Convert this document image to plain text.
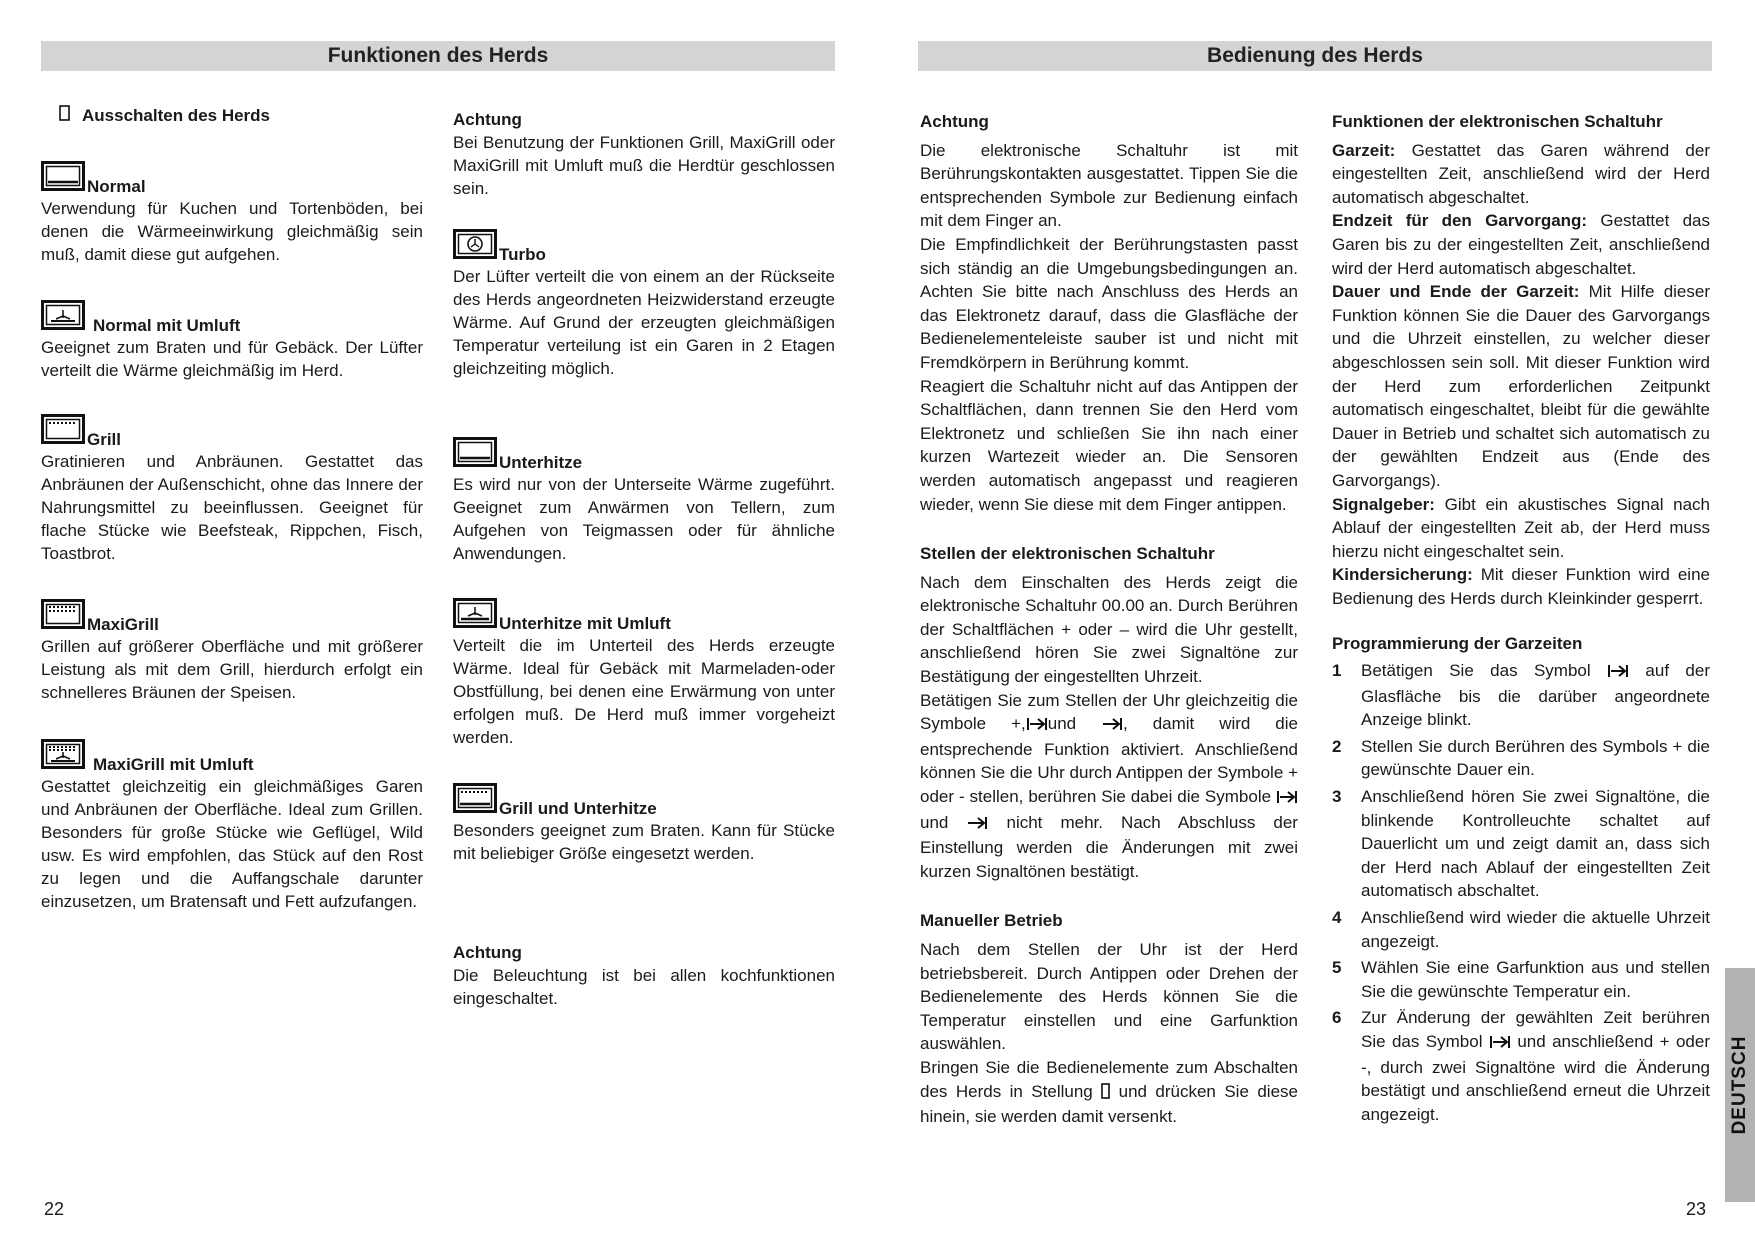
Funktionen des Herds
Ausschalten des Herds
Normal

Verwendung für Kuchen und Tortenböden, bei denen die Wärmeeinwirkung gleichmäßig sein muß, damit diese gut aufgehen.

Normal mit Umluft

Geeignet zum Braten und für Gebäck. Der Lüfter verteilt die Wärme gleichmäßig im Herd.

Grill

Gratinieren und Anbräunen. Gestattet das Anbräunen der Außenschicht, ohne das Innere der Nahrungsmittel zu beeinflussen. Geeignet für flache Stücke wie Beefsteak, Rippchen, Fisch, Toastbrot.

MaxiGrill

Grillen auf größerer Oberfläche und mit größerer Leistung als mit dem Grill, hierdurch erfolgt ein schnelleres Bräunen der Speisen.

MaxiGrill mit Umluft

Gestattet gleichzeitig ein gleichmäßiges Garen und Anbräunen der Oberfläche. Ideal zum Grillen. Besonders für große Stücke wie Geflügel, Wild usw. Es wird empfohlen, das Stück auf den Rost zu legen und die Auffangschale darunter einzusetzen, um Bratensaft und Fett aufzufangen.

Achtung

Bei Benutzung der Funktionen Grill, MaxiGrill oder MaxiGrill mit Umluft muß die Herdtür geschlossen sein.

Turbo

Der Lüfter verteilt die von einem an der Rückseite des Herds angeordneten Heizwiderstand erzeugte Wärme. Auf Grund der erzeugten gleichmäßigen Temperatur verteilung ist ein Garen in 2 Etagen gleichzeiting möglich.

Unterhitze

Es wird nur von der Unterseite Wärme zugeführt. Geeignet zum Anwärmen von Tellern, zum Aufgehen von Teigmassen oder für ähnliche Anwendungen.

Unterhitze mit Umluft

Verteilt die im Unterteil des Herds erzeugte Wärme. Ideal für Gebäck mit Marmeladen-oder Obstfüllung, bei denen eine Erwärmung von unter erfolgen muß. De Herd muß immer vorgeheizt werden.

Grill und Unterhitze

Besonders geeignet zum Braten. Kann für Stücke mit beliebiger Größe eingesetzt werden.

Achtung

Die Beleuchtung ist bei allen kochfunktionen eingeschaltet.

22
Bedienung des Herds
Achtung

Die elektronische Schaltuhr ist mit Berührungskontakten ausgestattet. Tippen Sie die entsprechenden Symbole zur Bedienung einfach mit dem Finger an.

Die Empfindlichkeit der Berührungstasten passt sich ständig an die Umgebungsbedingungen an. Achten Sie bitte nach Anschluss des Herds an das Elektronetz darauf, dass die Glasfläche der Bedienelementeleiste sauber ist und nicht mit Fremdkörpern in Berührung kommt.

Reagiert die Schaltuhr nicht auf das Antippen der Schaltflächen, dann trennen Sie den Herd vom Elektronetz und schließen Sie ihn nach einer kurzen Wartezeit wieder an. Die Sensoren werden automatisch angepasst und reagieren wieder, wenn Sie diese mit dem Finger antippen.

Stellen der elektronischen Schaltuhr

Nach dem Einschalten des Herds zeigt die elektronische Schaltuhr 00.00 an. Durch Berühren der Schaltflächen + oder – wird die Uhr gestellt, anschließend hören Sie zwei Signaltöne zur Bestätigung der eingestellten Uhrzeit.

Betätigen Sie zum Stellen der Uhr gleichzeitig die Symbole +, und	, damit wird die entsprechende Funktion aktiviert. Anschließend können Sie die Uhr durch Antippen der Symbole + oder - stellen, berühren Sie dabei die Symbole  und	nicht mehr. Nach Abschluss der Einstellung werden die Änderungen mit zwei kurzen Signaltönen bestätigt.

Manueller Betrieb

Nach dem Stellen der Uhr ist der Herd betriebsbereit. Durch Antippen oder Drehen der Bedienelemente des Herds können Sie die Temperatur einstellen und eine Garfunktion auswählen.

Bringen Sie die Bedienelemente zum Abschalten des Herds in Stellung und drücken Sie diese hinein, sie werden damit versenkt.

Funktionen der elektronischen Schaltuhr

Garzeit: Gestattet das Garen während der eingestellten Zeit, anschließend wird der Herd automatisch abgeschaltet.

Endzeit für den Garvorgang: Gestattet das Garen bis zu der eingestellten Zeit, anschließend wird der Herd automatisch abgeschaltet.

Dauer und Ende der Garzeit: Mit Hilfe dieser Funktion können Sie die Dauer des Garvorgangs und die Uhrzeit einstellen, zu welcher dieser abgeschlossen sein soll. Mit dieser Funktion wird der Herd zum erforderlichen Zeitpunkt automatisch eingeschaltet, bleibt für die gewählte Dauer in Betrieb und schaltet sich automatisch zu der gewählten Endzeit aus (Ende des Garvorgangs).

Signalgeber: Gibt ein akustisches Signal nach Ablauf der eingestellten Zeit ab, der Herd muss hierzu nicht eingeschaltet sein.

Kindersicherung: Mit dieser Funktion wird eine Bedienung des Herds durch Kleinkinder gesperrt.

Programmierung der Garzeiten
1	Betätigen Sie das Symbol	auf der Glasfläche bis die darüber angeordnete Anzeige blinkt.
2	Stellen Sie durch Berühren des Symbols + die gewünschte Dauer ein.
3	Anschließend hören Sie zwei Signaltöne, die blinkende Kontrolleuchte schaltet auf Dauerlicht um und zeigt damit an, dass sich der Herd nach Ablauf der eingestellten Zeit automatisch abschaltet.
4	Anschließend wird wieder die aktuelle Uhrzeit angezeigt.
5	Wählen Sie eine Garfunktion aus und stellen Sie die gewünschte Temperatur ein.
6	Zur Änderung der gewählten Zeit berühren Sie das Symbol und anschließend + oder -, durch zwei Signaltöne wird die Änderung bestätigt und anschließend erneut die Uhrzeit angezeigt.	DEUTSCH
23
